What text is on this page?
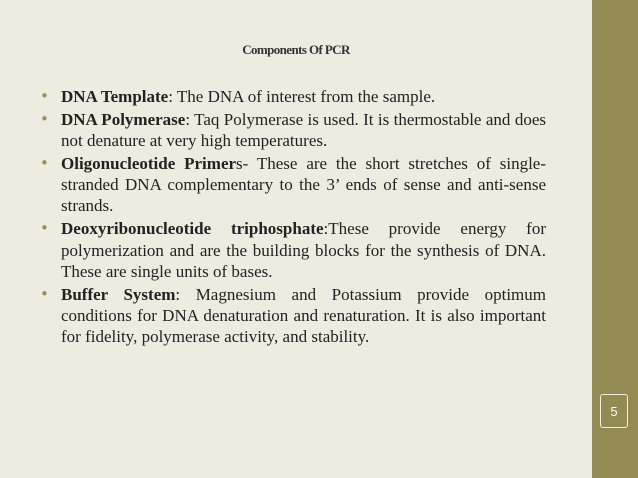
Components Of PCR
• DNA Template: The DNA of interest from the sample.
• DNA Polymerase: Taq Polymerase is used. It is thermostable and does not denature at very high temperatures.
• Oligonucleotide Primers- These are the short stretches of single-stranded DNA complementary to the 3’ ends of sense and anti-sense strands.
• Deoxyribonucleotide triphosphate:These provide energy for polymerization and are the building blocks for the synthesis of DNA. These are single units of bases.
• Buffer System: Magnesium and Potassium provide optimum conditions for DNA denaturation and renaturation. It is also important for fidelity, polymerase activity, and stability.
5
